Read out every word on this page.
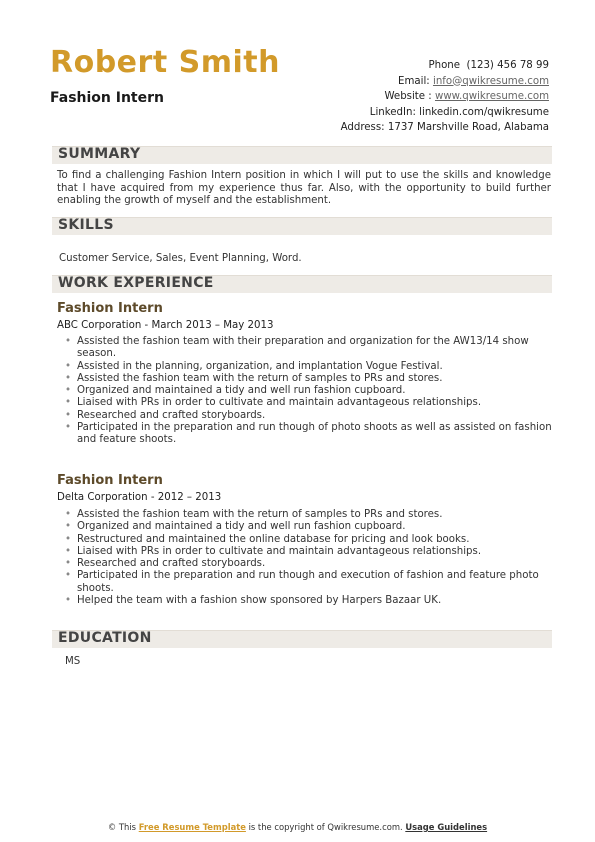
Robert Smith
Fashion Intern
Phone (123) 456 78 99
Email: info@qwikresume.com
Website : www.qwikresume.com
LinkedIn: linkedin.com/qwikresume
Address: 1737 Marshville Road, Alabama
SUMMARY
To find a challenging Fashion Intern position in which I will put to use the skills and knowledge that I have acquired from my experience thus far. Also, with the opportunity to build further enabling the growth of myself and the establishment.
SKILLS
Customer Service, Sales, Event Planning, Word.
WORK EXPERIENCE
Fashion Intern
ABC Corporation - March 2013 – May 2013
• Assisted the fashion team with their preparation and organization for the AW13/14 show season.
• Assisted in the planning, organization, and implantation Vogue Festival.
• Assisted the fashion team with the return of samples to PRs and stores.
• Organized and maintained a tidy and well run fashion cupboard.
• Liaised with PRs in order to cultivate and maintain advantageous relationships.
• Researched and crafted storyboards.
• Participated in the preparation and run though of photo shoots as well as assisted on fashion and feature shoots.
Fashion Intern
Delta Corporation - 2012 – 2013
• Assisted the fashion team with the return of samples to PRs and stores.
• Organized and maintained a tidy and well run fashion cupboard.
• Restructured and maintained the online database for pricing and look books.
• Liaised with PRs in order to cultivate and maintain advantageous relationships.
• Researched and crafted storyboards.
• Participated in the preparation and run though and execution of fashion and feature photo shoots.
• Helped the team with a fashion show sponsored by Harpers Bazaar UK.
EDUCATION
MS
© This Free Resume Template is the copyright of Qwikresume.com. Usage Guidelines
